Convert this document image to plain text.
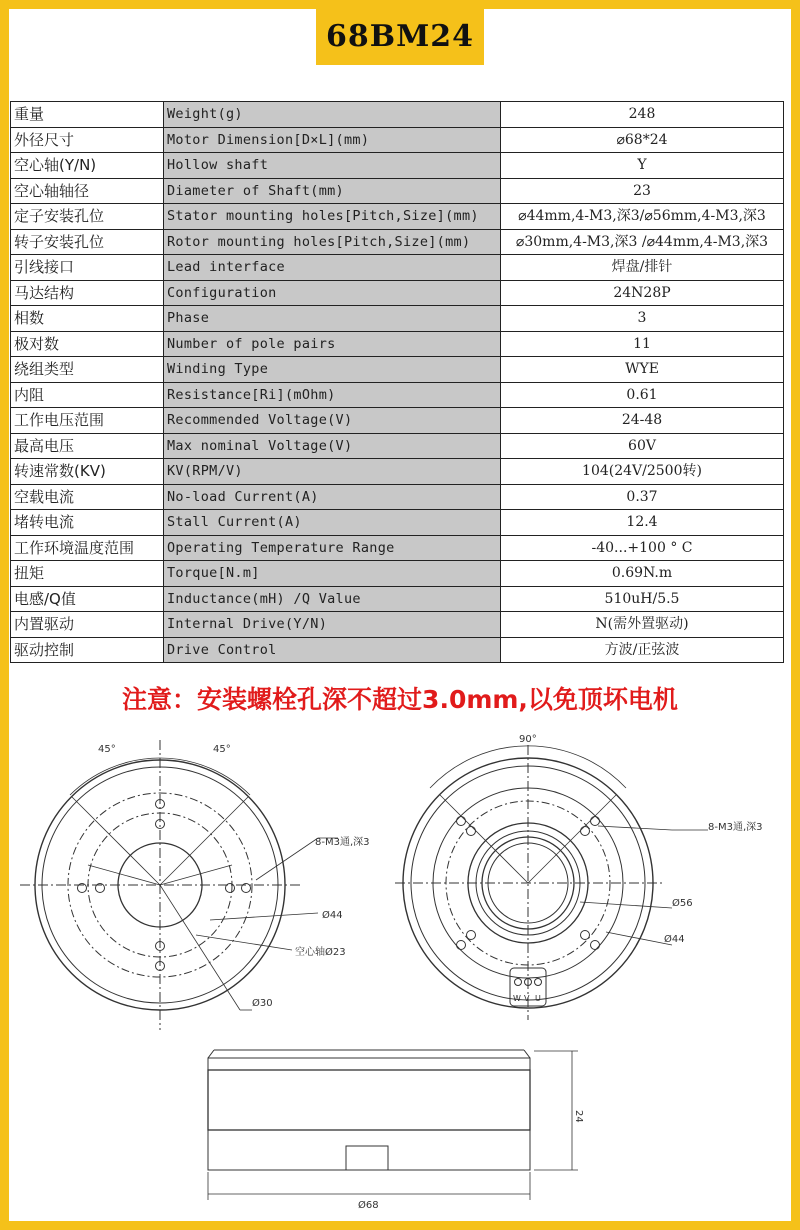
68BM24
重量	Weight(g)	248
外径尺寸	Motor Dimension[D×L](mm)	⌀68*24
空心轴(Y/N)	Hollow shaft	Y
空心轴轴径	Diameter of Shaft(mm)	23
定子安装孔位	Stator mounting holes[Pitch,Size](mm)	⌀44mm,4-M3,深3/⌀56mm,4-M3,深3
转子安装孔位	Rotor mounting holes[Pitch,Size](mm)	⌀30mm,4-M3,深3 /⌀44mm,4-M3,深3
引线接口	Lead interface	焊盘/排针
马达结构	Configuration	24N28P
相数	Phase	3
极对数	Number of pole pairs	11
绕组类型	Winding Type	WYE
内阻	Resistance[Ri](mOhm)	0.61
工作电压范围	Recommended Voltage(V)	24-48
最高电压	Max nominal Voltage(V)	60V
转速常数(KV)	KV(RPM/V)	104(24V/2500转)
空载电流	No-load Current(A)	0.37
堵转电流	Stall Current(A)	12.4
工作环境温度范围	Operating Temperature Range	-40...+100 ° C
扭矩	Torque[N.m]	0.69N.m
电感/Q值	Inductance(mH) /Q Value	510uH/5.5
内置驱动	Internal Drive(Y/N)	N(需外置驱动)
驱动控制	Drive Control	方波/正弦波
注意：安装螺栓孔深不超过3.0mm,以免顶坏电机
45°	45°
8-M3通,深3
Ø44
空心轴Ø23
Ø30
90°
8-M3通,深3
Ø56
Ø44
W V U
24
Ø68
